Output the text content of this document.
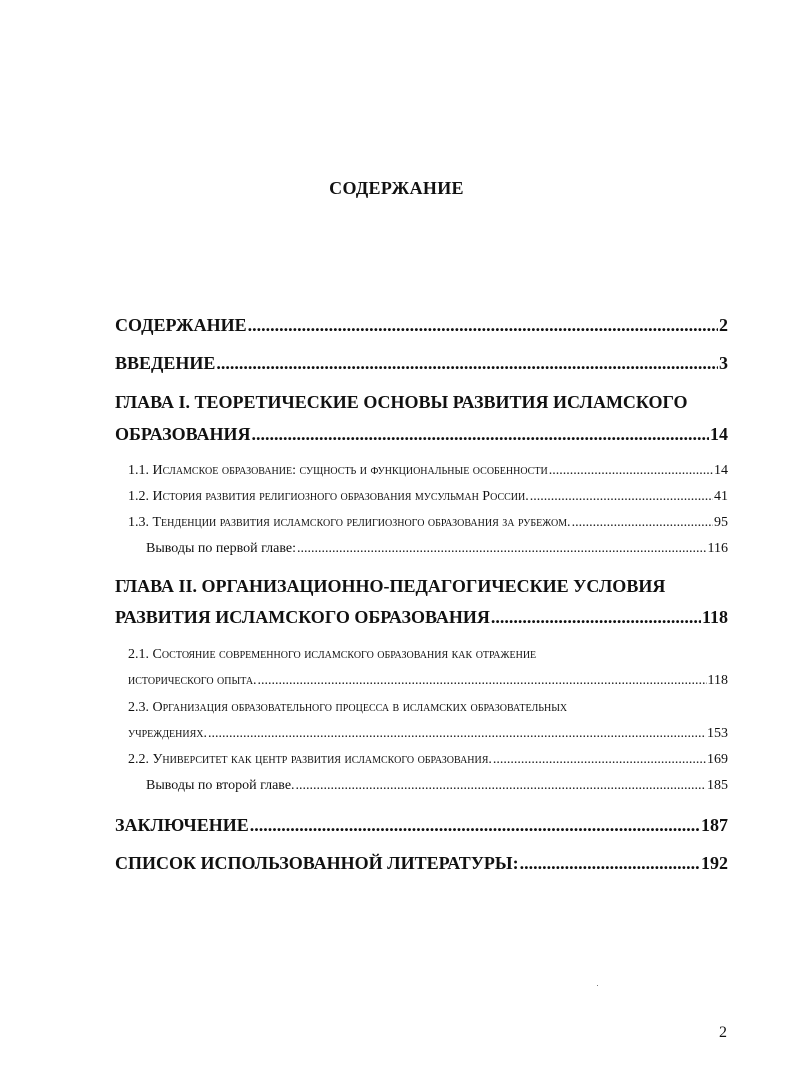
СОДЕРЖАНИЕ
СОДЕРЖАНИЕ .....	2
ВВЕДЕНИЕ .....	3
ГЛАВА I. ТЕОРЕТИЧЕСКИЕ ОСНОВЫ РАЗВИТИЯ ИСЛАМСКОГО
ОБРАЗОВАНИЯ .....	14
1.1. Исламское образование: сущность и функциональные особенности .....	14
1.2. История развития религиозного образования мусульман России. .....	41
1.3. Тенденции развития исламского религиозного образования за рубежом. .....	95
Выводы по первой главе: .....	116
ГЛАВА II. ОРГАНИЗАЦИОННО-ПЕДАГОГИЧЕСКИЕ УСЛОВИЯ
РАЗВИТИЯ ИСЛАМСКОГО ОБРАЗОВАНИЯ .....	118
2.1. Состояние современного исламского образования как отражение
исторического опыта. .....	118
2.3. Организация образовательного процесса в исламских образовательных
учреждениях. .....	153
2.2. Университет как центр развития исламского образования. .....	169
Выводы по второй главе. .....	185
ЗАКЛЮЧЕНИЕ .....	187
СПИСОК ИСПОЛЬЗОВАННОЙ ЛИТЕРАТУРЫ: .....	192
2
